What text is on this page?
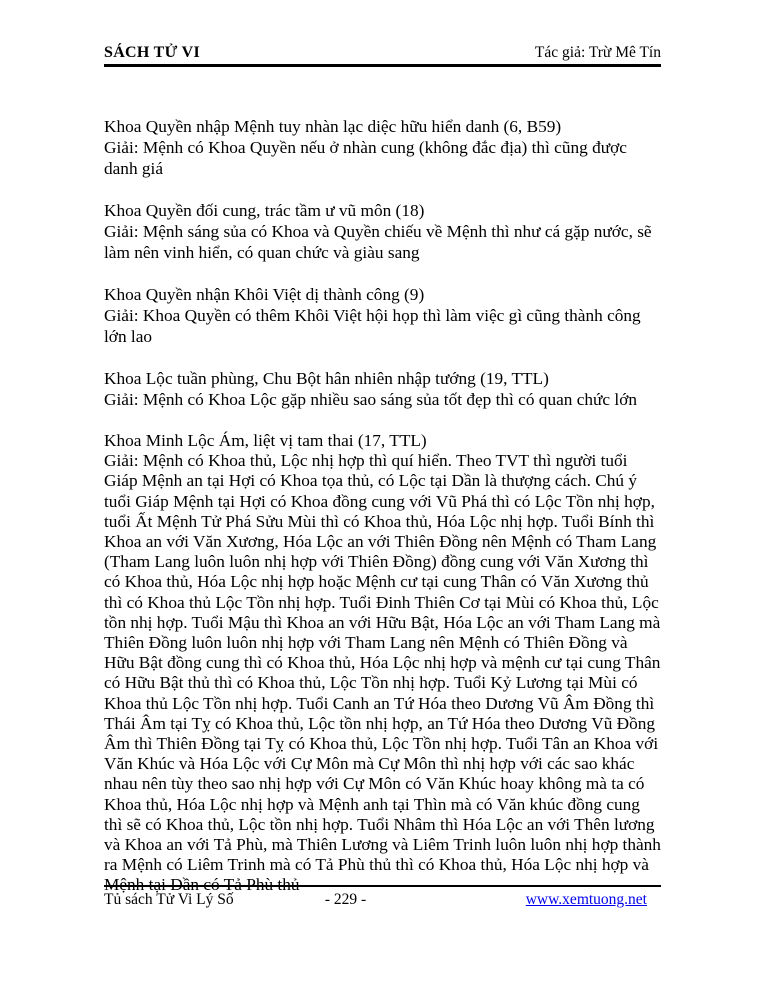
SÁCH TỬ VI	Tác giả: Trừ Mê Tín
Khoa Quyền nhập Mệnh tuy nhàn lạc diệc hữu hiển danh (6, B59)
Giải: Mệnh có Khoa Quyền nếu ở nhàn cung (không đắc địa) thì cũng được danh giá
Khoa Quyền đối cung, trác tầm ư vũ môn (18)
Giải: Mệnh sáng sủa có Khoa và Quyền chiếu về Mệnh thì như cá gặp nước, sẽ làm nên vinh hiển, có quan chức và giàu sang
Khoa Quyền nhận Khôi Việt dị thành công (9)
Giải: Khoa Quyền có thêm Khôi Việt hội họp thì làm việc gì cũng thành công lớn lao
Khoa Lộc tuần phùng, Chu Bột hân nhiên nhập tướng (19, TTL)
Giải: Mệnh có Khoa Lộc gặp nhiều sao sáng sủa tốt đẹp thì có quan chức lớn
Khoa Minh Lộc Ám, liệt vị tam thai (17, TTL)
Giải: Mệnh có Khoa thủ, Lộc nhị hợp thì quí hiển. Theo TVT thì người tuổi Giáp Mệnh an tại Hợi có Khoa tọa thủ, có Lộc tại Dần là thượng cách. Chú ý tuổi Giáp Mệnh tại Hợi có Khoa đồng cung với Vũ Phá thì có Lộc Tồn nhị hợp, tuổi Ất Mệnh Tử Phá Sửu Mùi thì có Khoa thủ, Hóa Lộc nhị hợp. Tuổi Bính thì Khoa an với Văn Xương, Hóa Lộc an với Thiên Đồng nên Mệnh có Tham Lang (Tham Lang luôn luôn nhị hợp với Thiên Đồng) đồng cung với Văn Xương thì có Khoa thủ, Hóa Lộc nhị hợp hoặc Mệnh cư tại cung Thân có Văn Xương thủ thì có Khoa thủ Lộc Tồn nhị hợp. Tuổi Đinh Thiên Cơ tại Mùi có Khoa thủ, Lộc tồn nhị hợp. Tuổi Mậu thì Khoa an với Hữu Bật, Hóa Lộc an với Tham Lang mà Thiên Đồng luôn luôn nhị hợp với Tham Lang nên Mệnh có Thiên Đồng và Hữu Bật đồng cung thì có Khoa thủ, Hóa Lộc nhị hợp và mệnh cư tại cung Thân có Hữu Bật thủ thì có Khoa thủ, Lộc Tồn nhị hợp. Tuổi Kỷ Lương tại Mùi có Khoa thủ Lộc Tồn nhị hợp. Tuổi Canh an Tứ Hóa theo Dương Vũ Âm Đồng thì Thái Âm tại Tỵ có Khoa thủ, Lộc tồn nhị hợp, an Tứ Hóa theo Dương Vũ Đồng Âm thì Thiên Đồng tại Tỵ có Khoa thủ, Lộc Tồn nhị hợp. Tuổi Tân an Khoa với Văn Khúc và Hóa Lộc với Cự Môn mà Cự Môn thì nhị hợp với các sao khác nhau nên tùy theo sao nhị hợp với Cự Môn có Văn Khúc hoay không mà ta có Khoa thủ, Hóa Lộc nhị hợp và Mệnh anh tại Thìn mà có Văn khúc đồng cung thì sẽ có Khoa thủ, Lộc tồn nhị hợp. Tuổi Nhâm thì Hóa Lộc an với Thên lương và Khoa an với Tả Phù, mà Thiên Lương và Liêm Trinh luôn luôn nhị hợp thành ra Mệnh có Liêm Trinh mà có Tả Phù thủ thì có Khoa thủ, Hóa Lộc nhị hợp và Mệnh tại Dần có Tả Phù thủ
Tủ sách Tử Vi Lý Số	- 229 -	www.xemtuong.net
